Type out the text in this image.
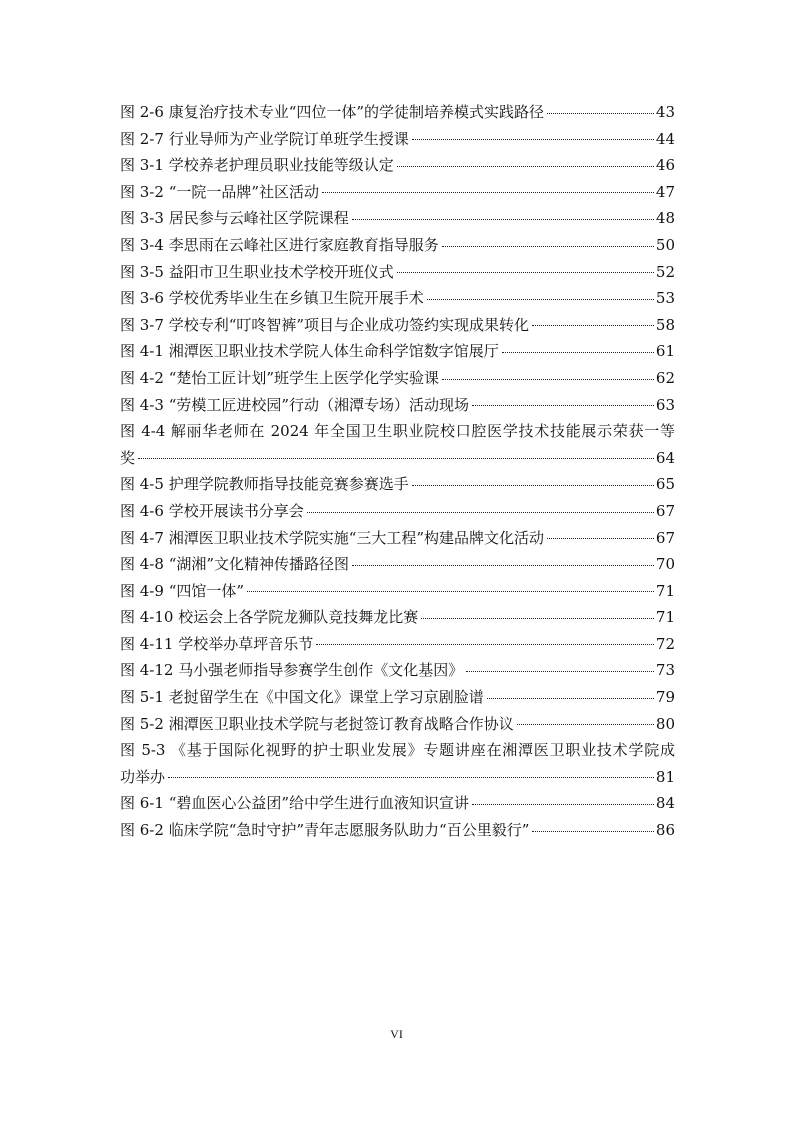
图 2-6 康复治疗技术专业“四位一体”的学徒制培养模式实践路径	43
图 2-7 行业导师为产业学院订单班学生授课	44
图 3-1 学校养老护理员职业技能等级认定	46
图 3-2 “一院一品牌”社区活动	47
图 3-3 居民参与云峰社区学院课程	48
图 3-4 李思雨在云峰社区进行家庭教育指导服务	50
图 3-5 益阳市卫生职业技术学校开班仪式	52
图 3-6 学校优秀毕业生在乡镇卫生院开展手术	53
图 3-7 学校专利“叮咚智裤”项目与企业成功签约实现成果转化	58
图 4-1 湘潭医卫职业技术学院人体生命科学馆数字馆展厅	61
图 4-2 “楚怡工匠计划”班学生上医学化学实验课	62
图 4-3 “劳模工匠进校园”行动（湘潭专场）活动现场	63
图 4-4 解丽华老师在 2024 年全国卫生职业院校口腔医学技术技能展示荣获一等
奖	64
图 4-5 护理学院教师指导技能竞赛参赛选手	65
图 4-6 学校开展读书分享会	67
图 4-7 湘潭医卫职业技术学院实施“三大工程”构建品牌文化活动	67
图 4-8 “湖湘”文化精神传播路径图	70
图 4-9 “四馆一体”	71
图 4-10 校运会上各学院龙狮队竞技舞龙比赛	71
图 4-11 学校举办草坪音乐节	72
图 4-12 马小强老师指导参赛学生创作《文化基因》	73
图 5-1 老挝留学生在《中国文化》课堂上学习京剧脸谱	79
图 5-2 湘潭医卫职业技术学院与老挝签订教育战略合作协议	80
图 5-3 《基于国际化视野的护士职业发展》专题讲座在湘潭医卫职业技术学院成
功举办	81
图 6-1 “碧血医心公益团”给中学生进行血液知识宣讲	84
图 6-2 临床学院“急时守护”青年志愿服务队助力“百公里毅行”	86
VI
